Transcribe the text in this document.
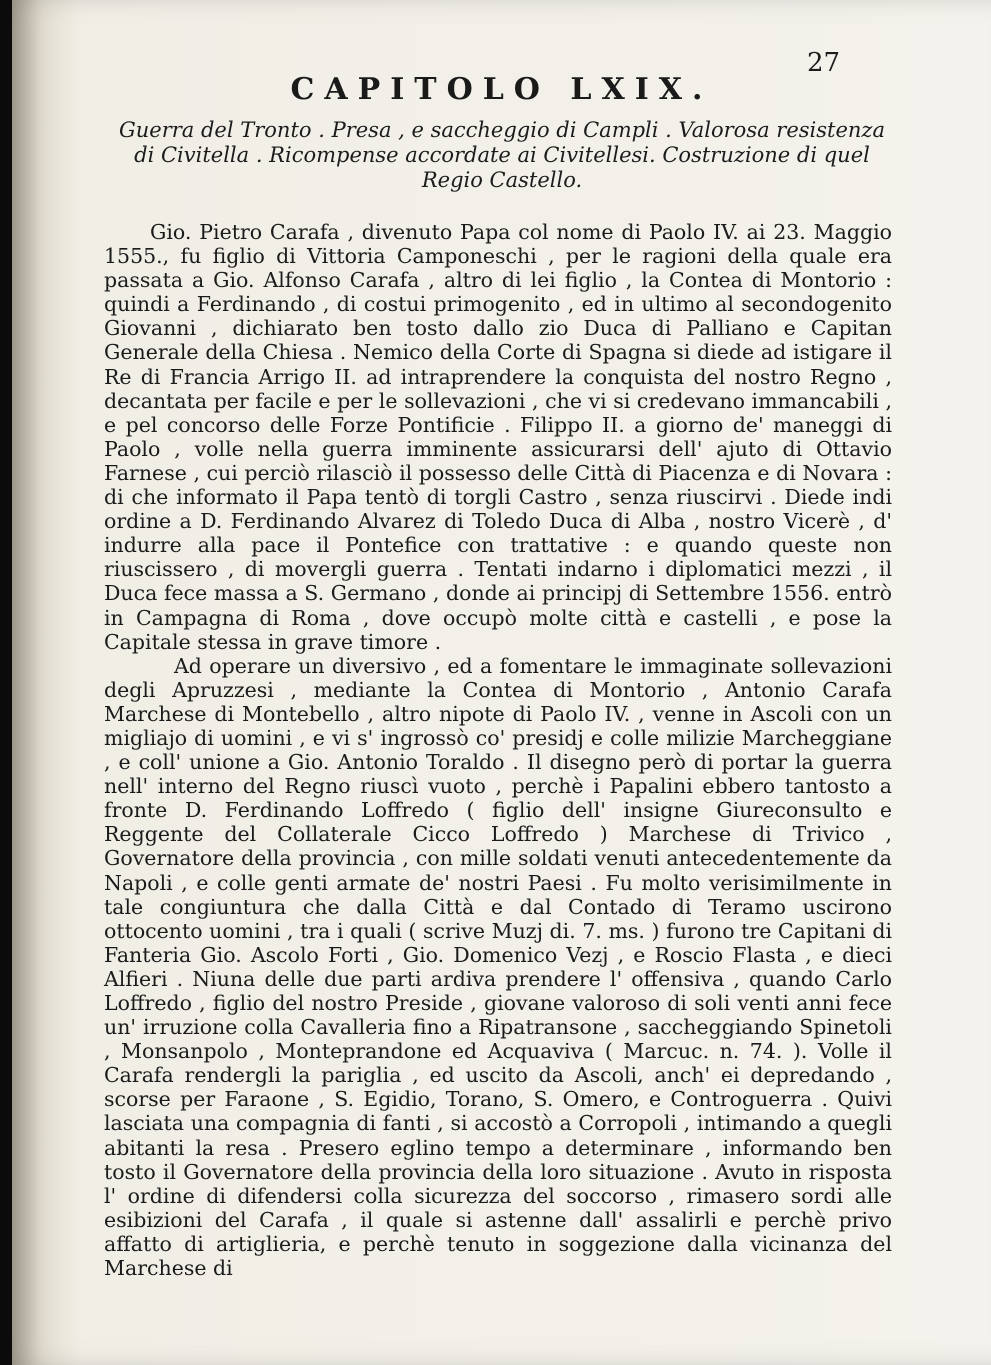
27
CAPITOLO LXIX.
Guerra del Tronto . Presa , e saccheggio di Campli . Valorosa resistenza di Civitella . Ricompense accordate ai Civitellesi. Costruzione di quel Regio Castello.

Gio. Pietro Carafa , divenuto Papa col nome di Paolo IV. ai 23. Maggio 1555., fu figlio di Vittoria Camponeschi , per le ragioni della quale era passata a Gio. Alfonso Carafa , altro di lei figlio , la Contea di Montorio : quindi a Ferdinando , di costui primogenito , ed in ultimo al secondogenito Giovanni , dichiarato ben tosto dallo zio Duca di Palliano e Capitan Generale della Chiesa . Nemico della Corte di Spagna si diede ad istigare il Re di Francia Arrigo II. ad intraprendere la conquista del nostro Regno , decantata per facile e per le sollevazioni , che vi si credevano immancabili , e pel concorso delle Forze Pontificie . Filippo II. a giorno de' maneggi di Paolo , volle nella guerra imminente assicurarsi dell' ajuto di Ottavio Farnese , cui perciò rilasciò il possesso delle Città di Piacenza e di Novara : di che informato il Papa tentò di torgli Castro , senza riuscirvi . Diede indi ordine a D. Ferdinando Alvarez di Toledo Duca di Alba , nostro Vicerè , d' indurre alla pace il Pontefice con trattative : e quando queste non riuscissero , di movergli guerra . Tentati indarno i diplomatici mezzi , il Duca fece massa a S. Germano , donde ai principj di Settembre 1556. entrò in Campagna di Roma , dove occupò molte città e castelli , e pose la Capitale stessa in grave timore .

Ad operare un diversivo , ed a fomentare le immaginate sollevazioni degli Apruzzesi , mediante la Contea di Montorio , Antonio Carafa Marchese di Montebello , altro nipote di Paolo IV. , venne in Ascoli con un migliajo di uomini , e vi s' ingrossò co' presidj e colle milizie Marcheggiane , e coll' unione a Gio. Antonio Toraldo . Il disegno però di portar la guerra nell' interno del Regno riuscì vuoto , perchè i Papalini ebbero tantosto a fronte D. Ferdinando Loffredo ( figlio dell' insigne Giureconsulto e Reggente del Collaterale Cicco Loffredo ) Marchese di Trivico , Governatore della provincia , con mille soldati venuti antecedentemente da Napoli , e colle genti armate de' nostri Paesi . Fu molto verisimilmente in tale congiuntura che dalla Città e dal Contado di Teramo uscirono ottocento uomini , tra i quali ( scrive Muzj di. 7. ms. ) furono tre Capitani di Fanteria Gio. Ascolo Forti , Gio. Domenico Vezj , e Roscio Flasta , e dieci Alfieri . Niuna delle due parti ardiva prendere l' offensiva , quando Carlo Loffredo , figlio del nostro Preside , giovane valoroso di soli venti anni fece un' irruzione colla Cavalleria fino a Ripatransone , saccheggiando Spinetoli , Monsanpolo , Monteprandone ed Acquaviva ( Marcuc. n. 74. ). Volle il Carafa rendergli la pariglia , ed uscito da Ascoli, anch' ei depredando , scorse per Faraone , S. Egidio, Torano, S. Omero, e Controguerra . Quivi lasciata una compagnia di fanti , si accostò a Corropoli , intimando a quegli abitanti la resa . Presero eglino tempo a determinare , informando ben tosto il Governatore della provincia della loro situazione . Avuto in risposta l' ordine di difendersi colla sicurezza del soccorso , rimasero sordi alle esibizioni del Carafa , il quale si astenne dall' assalirli e perchè privo affatto di artiglieria, e perchè tenuto in soggezione dalla vicinanza del Marchese di
